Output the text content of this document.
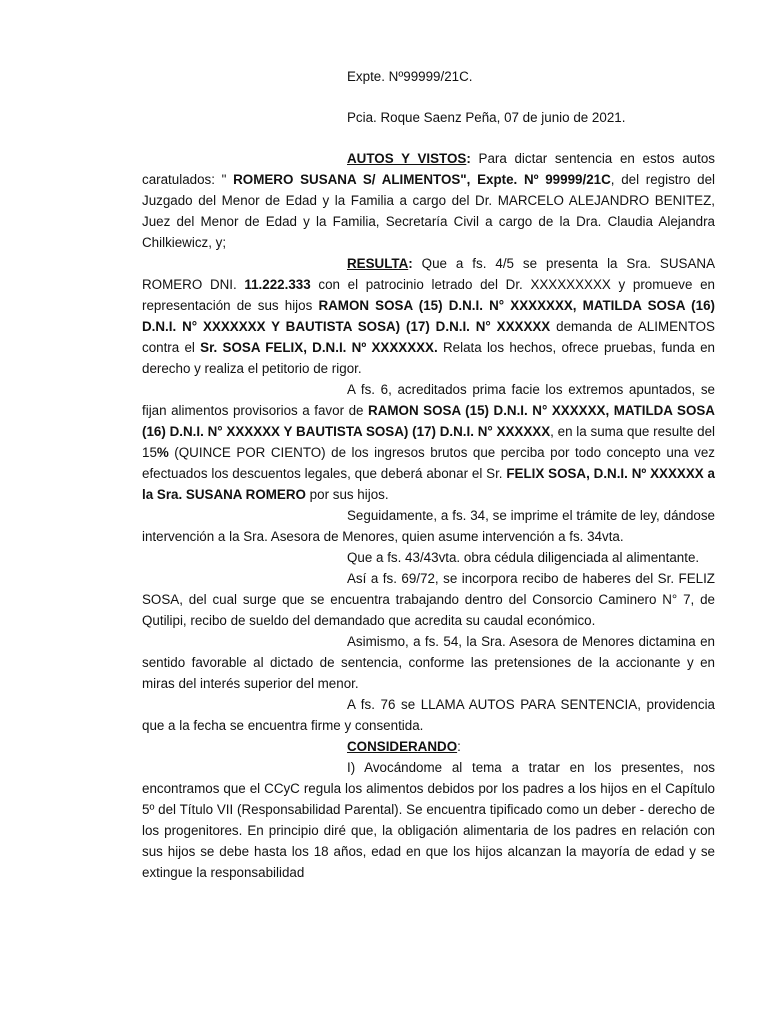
Expte. Nº99999/21C.

Pcia. Roque Saenz Peña, 07 de junio de 2021.

AUTOS Y VISTOS: Para dictar sentencia en estos autos caratulados: " ROMERO SUSANA S/ ALIMENTOS", Expte. Nº 99999/21C, del registro del Juzgado del Menor de Edad y la Familia a cargo del Dr. MARCELO ALEJANDRO BENITEZ, Juez del Menor de Edad y la Familia, Secretaría Civil a cargo de la Dra. Claudia Alejandra Chilkiewicz, y;

RESULTA: Que a fs. 4/5 se presenta la Sra. SUSANA ROMERO DNI. 11.222.333 con el patrocinio letrado del Dr. XXXXXXXXX y promueve en representación de sus hijos RAMON SOSA (15) D.N.I. N° XXXXXXX, MATILDA SOSA (16) D.N.I. N° XXXXXXX Y BAUTISTA SOSA) (17) D.N.I. N° XXXXXX demanda de ALIMENTOS contra el Sr. SOSA FELIX, D.N.I. Nº XXXXXXX. Relata los hechos, ofrece pruebas, funda en derecho y realiza el petitorio de rigor.

A fs. 6, acreditados prima facie los extremos apuntados, se fijan alimentos provisorios a favor de RAMON SOSA (15) D.N.I. N° XXXXXX, MATILDA SOSA (16) D.N.I. N° XXXXXX Y BAUTISTA SOSA) (17) D.N.I. N° XXXXXX, en la suma que resulte del 15% (QUINCE POR CIENTO) de los ingresos brutos que perciba por todo concepto una vez efectuados los descuentos legales, que deberá abonar el Sr. FELIX SOSA, D.N.I. Nº XXXXXX a la Sra. SUSANA ROMERO por sus hijos.

Seguidamente, a fs. 34, se imprime el trámite de ley, dándose intervención a la Sra. Asesora de Menores, quien asume intervención a fs. 34vta.

Que a fs. 43/43vta. obra cédula diligenciada al alimentante.

Así a fs. 69/72, se incorpora recibo de haberes del Sr. FELIZ SOSA, del cual surge que se encuentra trabajando dentro del Consorcio Caminero N° 7, de Qutilipi, recibo de sueldo del demandado que acredita su caudal económico.

Asimismo, a fs. 54, la Sra. Asesora de Menores dictamina en sentido favorable al dictado de sentencia, conforme las pretensiones de la accionante y en miras del interés superior del menor.

A fs. 76 se LLAMA AUTOS PARA SENTENCIA, providencia que a la fecha se encuentra firme y consentida.

CONSIDERANDO:

I) Avocándome al tema a tratar en los presentes, nos encontramos que el CCyC regula los alimentos debidos por los padres a los hijos en el Capítulo 5º del Título VII (Responsabilidad Parental). Se encuentra tipificado como un deber - derecho de los progenitores. En principio diré que, la obligación alimentaria de los padres en relación con sus hijos se debe hasta los 18 años, edad en que los hijos alcanzan la mayoría de edad y se extingue la responsabilidad
